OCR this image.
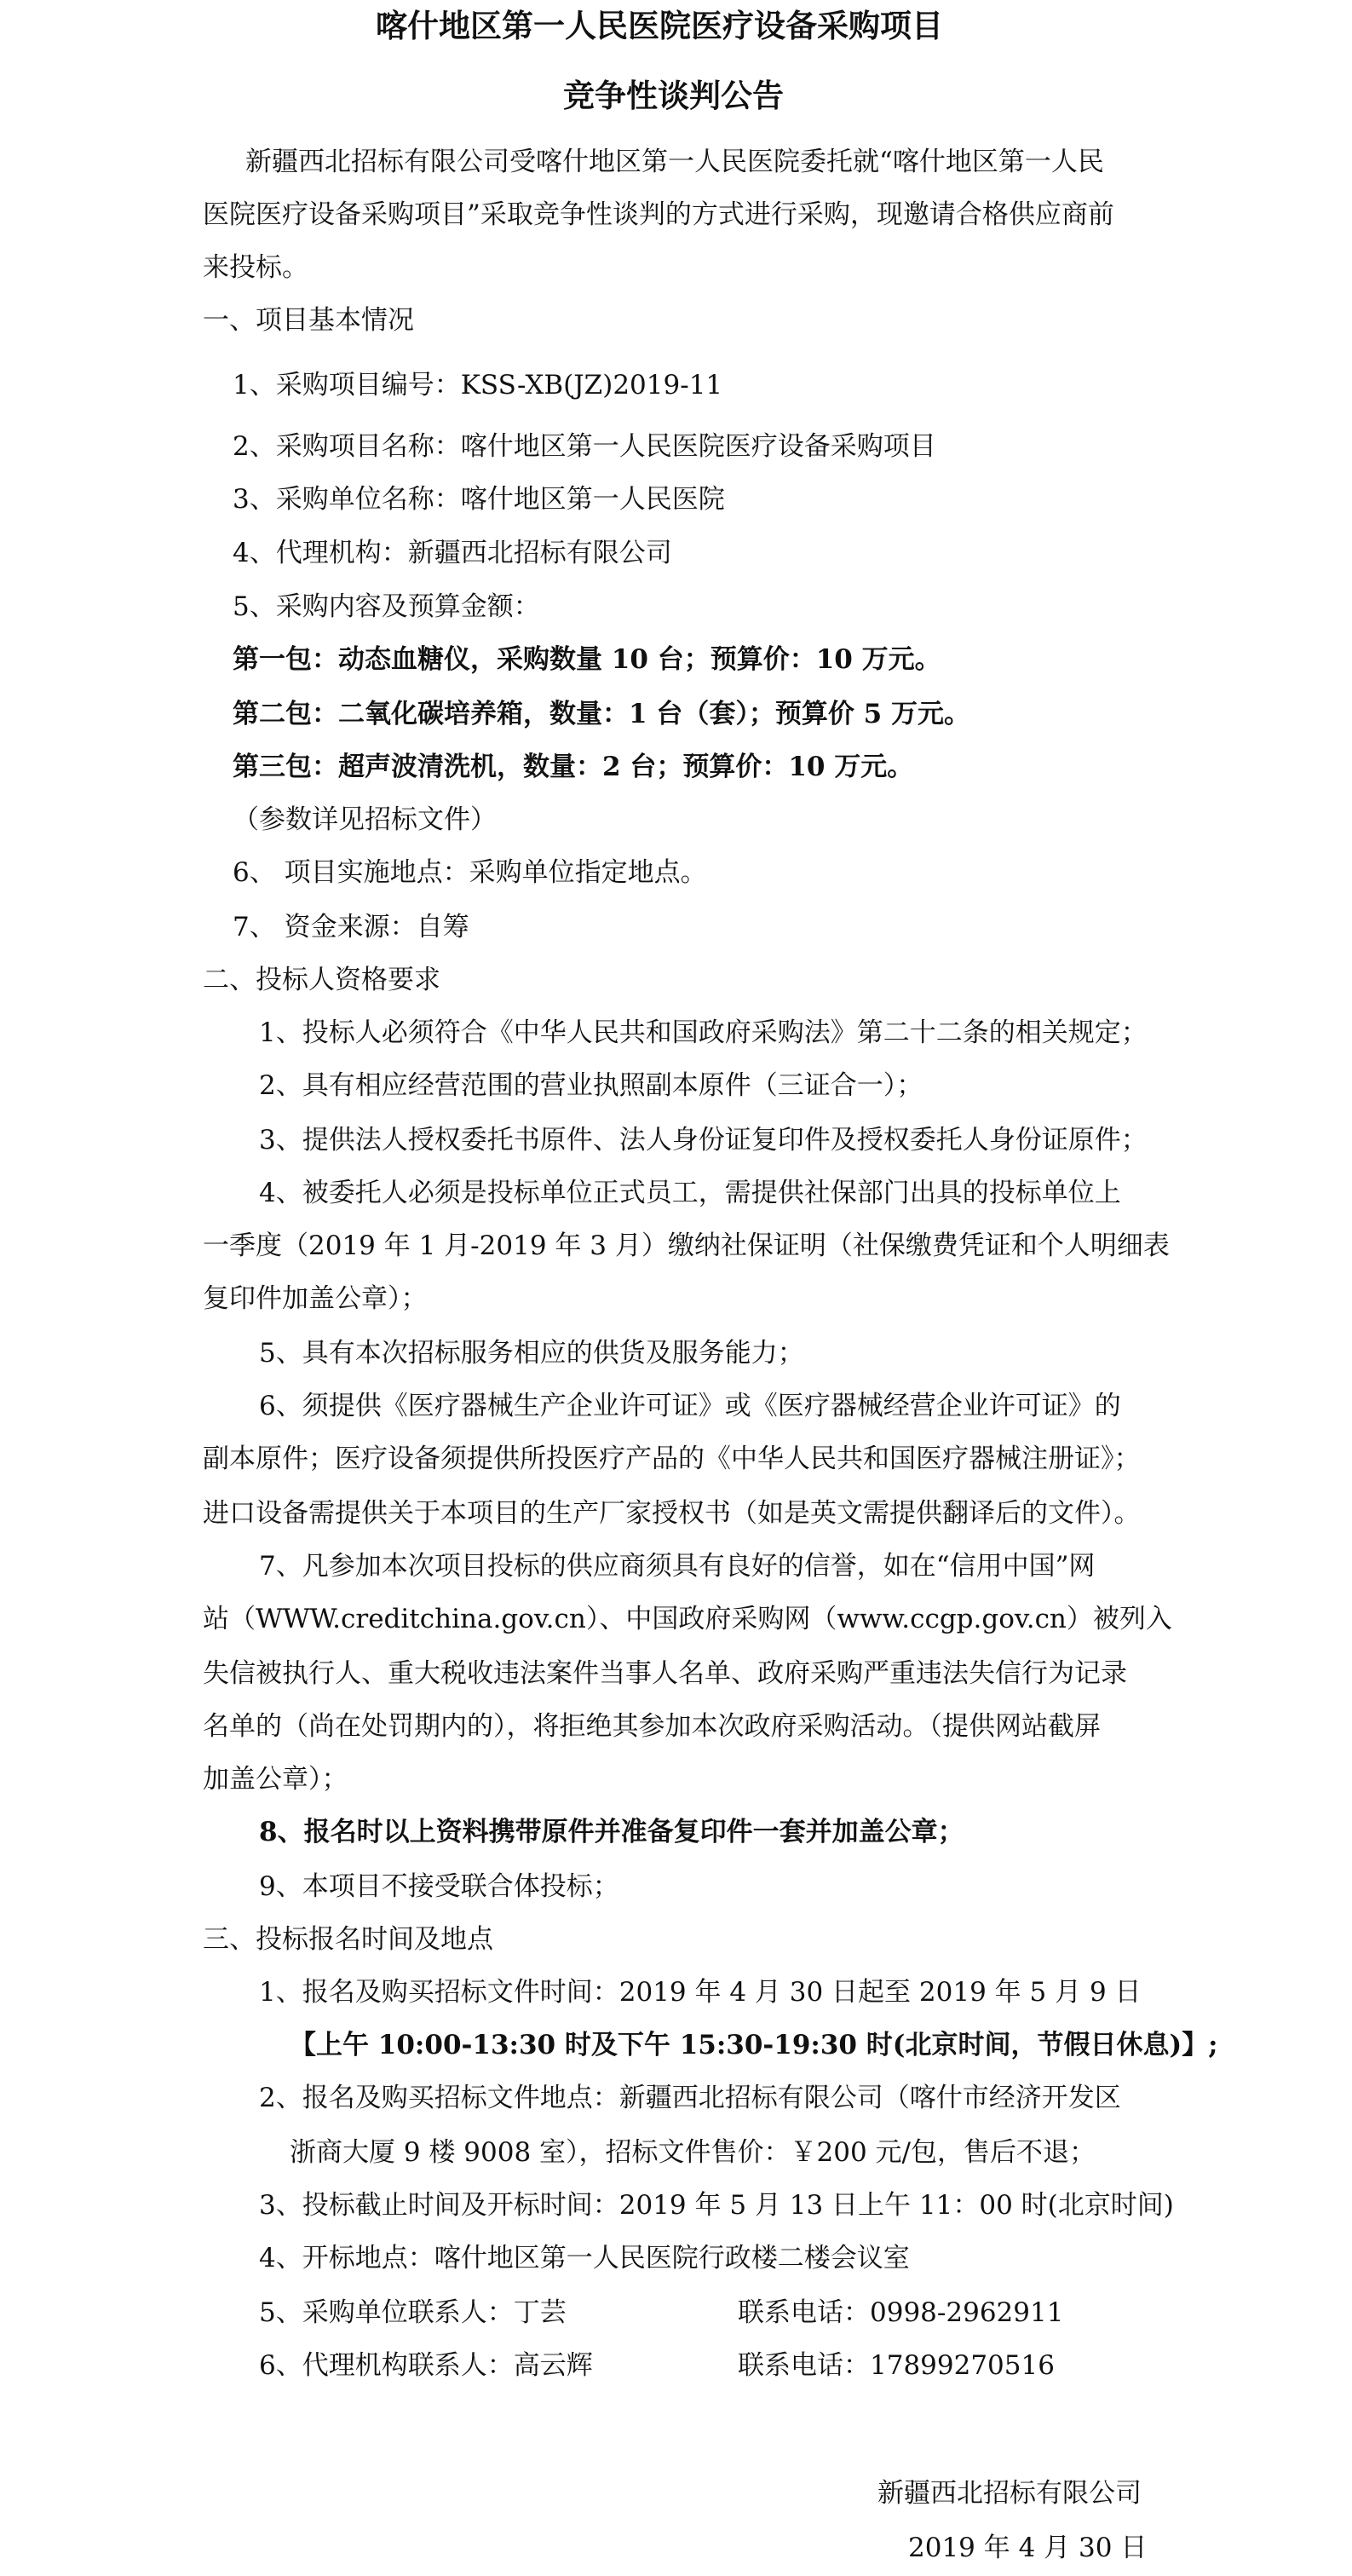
喀什地区第一人民医院医疗设备采购项目
竞争性谈判公告
新疆西北招标有限公司受喀什地区第一人民医院委托就“喀什地区第一人民
医院医疗设备采购项目”采取竞争性谈判的方式进行采购，现邀请合格供应商前
来投标。
一、项目基本情况
1、采购项目编号：KSS-XB(JZ)2019-11
2、采购项目名称：喀什地区第一人民医院医疗设备采购项目
3、采购单位名称：喀什地区第一人民医院
4、代理机构：新疆西北招标有限公司
5、采购内容及预算金额：
第一包：动态血糖仪，采购数量 10 台；预算价：10 万元。
第二包：二氧化碳培养箱，数量：1 台（套）；预算价 5 万元。
第三包：超声波清洗机，数量：2 台；预算价：10 万元。
（参数详见招标文件）
6、 项目实施地点：采购单位指定地点。
7、 资金来源：自筹
二、投标人资格要求
1、投标人必须符合《中华人民共和国政府采购法》第二十二条的相关规定；
2、具有相应经营范围的营业执照副本原件（三证合一）；
3、提供法人授权委托书原件、法人身份证复印件及授权委托人身份证原件；
4、被委托人必须是投标单位正式员工，需提供社保部门出具的投标单位上
一季度（2019 年 1 月-2019 年 3 月）缴纳社保证明（社保缴费凭证和个人明细表
复印件加盖公章）；
5、具有本次招标服务相应的供货及服务能力；
6、须提供《医疗器械生产企业许可证》或《医疗器械经营企业许可证》的
副本原件；医疗设备须提供所投医疗产品的《中华人民共和国医疗器械注册证》；
进口设备需提供关于本项目的生产厂家授权书（如是英文需提供翻译后的文件）。
7、凡参加本次项目投标的供应商须具有良好的信誉，如在“信用中国”网
站（WWW.creditchina.gov.cn）、中国政府采购网（www.ccgp.gov.cn）被列入
失信被执行人、重大税收违法案件当事人名单、政府采购严重违法失信行为记录
名单的（尚在处罚期内的），将拒绝其参加本次政府采购活动。（提供网站截屏
加盖公章）；
8、报名时以上资料携带原件并准备复印件一套并加盖公章；
9、本项目不接受联合体投标；
三、投标报名时间及地点
1、报名及购买招标文件时间：2019 年 4 月 30 日起至 2019 年 5 月 9 日
【上午 10:00-13:30 时及下午 15:30-19:30 时(北京时间，节假日休息)】;
2、报名及购买招标文件地点：新疆西北招标有限公司（喀什市经济开发区
浙商大厦 9 楼 9008 室），招标文件售价：￥200 元/包，售后不退；
3、投标截止时间及开标时间：2019 年 5 月 13 日上午 11：00 时(北京时间)
4、开标地点：喀什地区第一人民医院行政楼二楼会议室
5、采购单位联系人：丁芸	联系电话：0998-2962911
6、代理机构联系人：高云辉	联系电话：17899270516
新疆西北招标有限公司
2019 年 4 月 30 日
